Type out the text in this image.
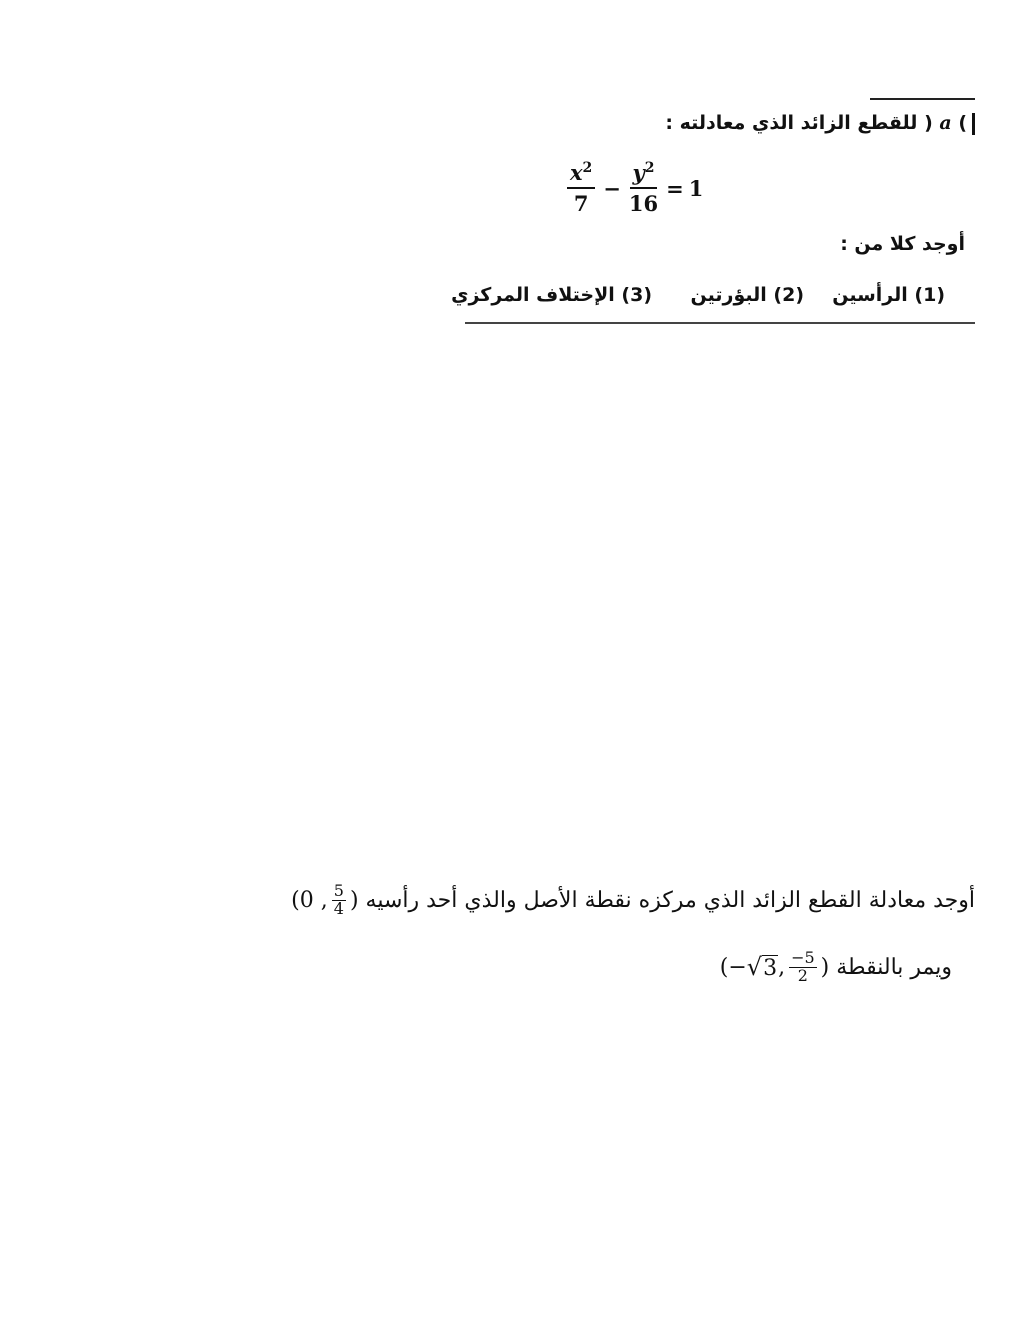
) a ( للقطع الزائد الذي معادلته :
$\frac{x^2}{7} - \frac{y^2}{16} = 1$
أوجد كلا من :
(1) الرأسين
(2) البؤرتين
(3) الإختلاف المركزي
أوجد معادلة القطع الزائد الذي مركزه نقطة الأصل والذي أحد رأسيه
( 0
, $\frac{5}{4}$ )
ويمر بالنقطة
( − √ 3 , $\frac{-5}{2}$ )
